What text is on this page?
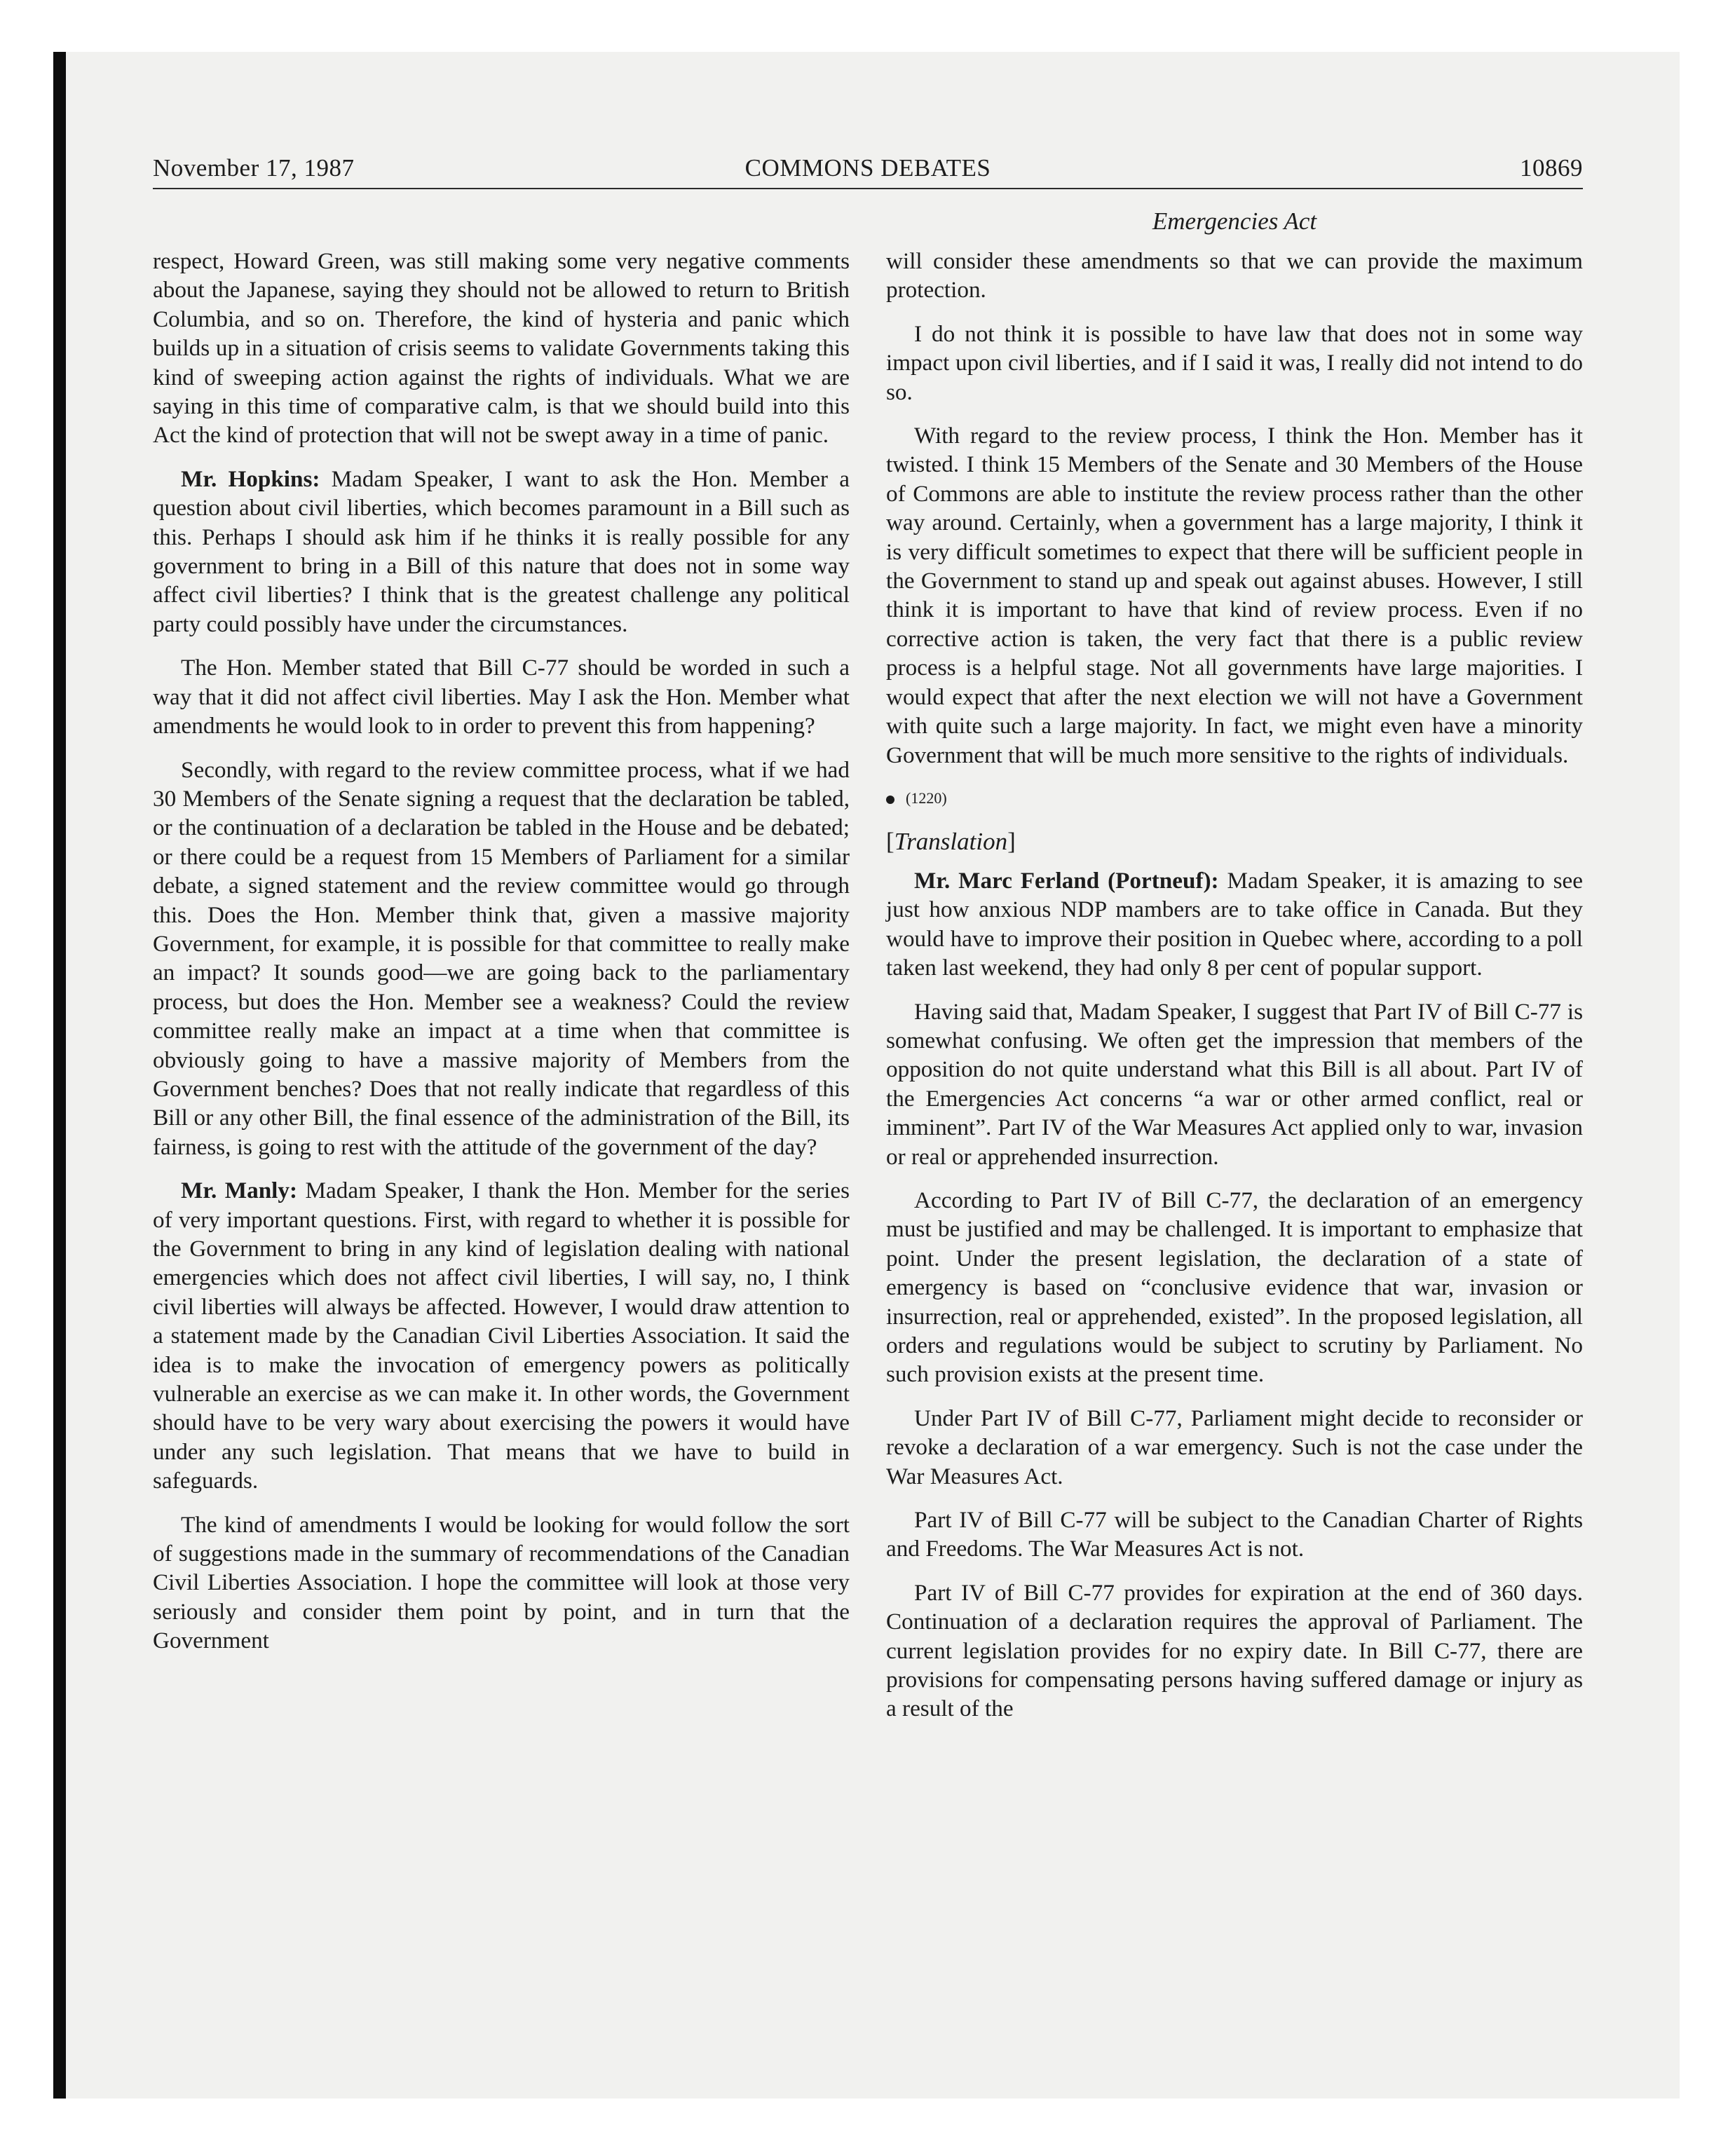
November 17, 1987	COMMONS DEBATES	10869
Emergencies Act

respect, Howard Green, was still making some very negative comments about the Japanese, saying they should not be allowed to return to British Columbia, and so on. Therefore, the kind of hysteria and panic which builds up in a situation of crisis seems to validate Governments taking this kind of sweeping action against the rights of individuals. What we are saying in this time of comparative calm, is that we should build into this Act the kind of protection that will not be swept away in a time of panic.

Mr. Hopkins: Madam Speaker, I want to ask the Hon. Member a question about civil liberties, which becomes paramount in a Bill such as this. Perhaps I should ask him if he thinks it is really possible for any government to bring in a Bill of this nature that does not in some way affect civil liberties? I think that is the greatest challenge any political party could possibly have under the circumstances.

The Hon. Member stated that Bill C-77 should be worded in such a way that it did not affect civil liberties. May I ask the Hon. Member what amendments he would look to in order to prevent this from happening?

Secondly, with regard to the review committee process, what if we had 30 Members of the Senate signing a request that the declaration be tabled, or the continuation of a declaration be tabled in the House and be debated; or there could be a request from 15 Members of Parliament for a similar debate, a signed statement and the review committee would go through this. Does the Hon. Member think that, given a massive majority Government, for example, it is possible for that committee to really make an impact? It sounds good—we are going back to the parliamentary process, but does the Hon. Member see a weakness? Could the review committee really make an impact at a time when that committee is obviously going to have a massive majority of Members from the Government benches? Does that not really indicate that regardless of this Bill or any other Bill, the final essence of the administration of the Bill, its fairness, is going to rest with the attitude of the government of the day?

Mr. Manly: Madam Speaker, I thank the Hon. Member for the series of very important questions. First, with regard to whether it is possible for the Government to bring in any kind of legislation dealing with national emergencies which does not affect civil liberties, I will say, no, I think civil liberties will always be affected. However, I would draw attention to a statement made by the Canadian Civil Liberties Association. It said the idea is to make the invocation of emergency powers as politically vulnerable an exercise as we can make it. In other words, the Government should have to be very wary about exercising the powers it would have under any such legislation. That means that we have to build in safeguards.

The kind of amendments I would be looking for would follow the sort of suggestions made in the summary of recommendations of the Canadian Civil Liberties Association. I hope the committee will look at those very seriously and consider them point by point, and in turn that the Government

will consider these amendments so that we can provide the maximum protection.

I do not think it is possible to have law that does not in some way impact upon civil liberties, and if I said it was, I really did not intend to do so.

With regard to the review process, I think the Hon. Member has it twisted. I think 15 Members of the Senate and 30 Members of the House of Commons are able to institute the review process rather than the other way around. Certainly, when a government has a large majority, I think it is very difficult sometimes to expect that there will be sufficient people in the Government to stand up and speak out against abuses. However, I still think it is important to have that kind of review process. Even if no corrective action is taken, the very fact that there is a public review process is a helpful stage. Not all governments have large majorities. I would expect that after the next election we will not have a Government with quite such a large majority. In fact, we might even have a minority Government that will be much more sensitive to the rights of individuals.

(1220)
[Translation]

Mr. Marc Ferland (Portneuf): Madam Speaker, it is amazing to see just how anxious NDP mambers are to take office in Canada. But they would have to improve their position in Quebec where, according to a poll taken last weekend, they had only 8 per cent of popular support.

Having said that, Madam Speaker, I suggest that Part IV of Bill C-77 is somewhat confusing. We often get the impression that members of the opposition do not quite understand what this Bill is all about. Part IV of the Emergencies Act concerns “a war or other armed conflict, real or imminent”. Part IV of the War Measures Act applied only to war, invasion or real or apprehended insurrection.

According to Part IV of Bill C-77, the declaration of an emergency must be justified and may be challenged. It is important to emphasize that point. Under the present legislation, the declaration of a state of emergency is based on “conclusive evidence that war, invasion or insurrection, real or apprehended, existed”. In the proposed legislation, all orders and regulations would be subject to scrutiny by Parliament. No such provision exists at the present time.

Under Part IV of Bill C-77, Parliament might decide to reconsider or revoke a declaration of a war emergency. Such is not the case under the War Measures Act.

Part IV of Bill C-77 will be subject to the Canadian Charter of Rights and Freedoms. The War Measures Act is not.

Part IV of Bill C-77 provides for expiration at the end of 360 days. Continuation of a declaration requires the approval of Parliament. The current legislation provides for no expiry date. In Bill C-77, there are provisions for compensating persons having suffered damage or injury as a result of the
